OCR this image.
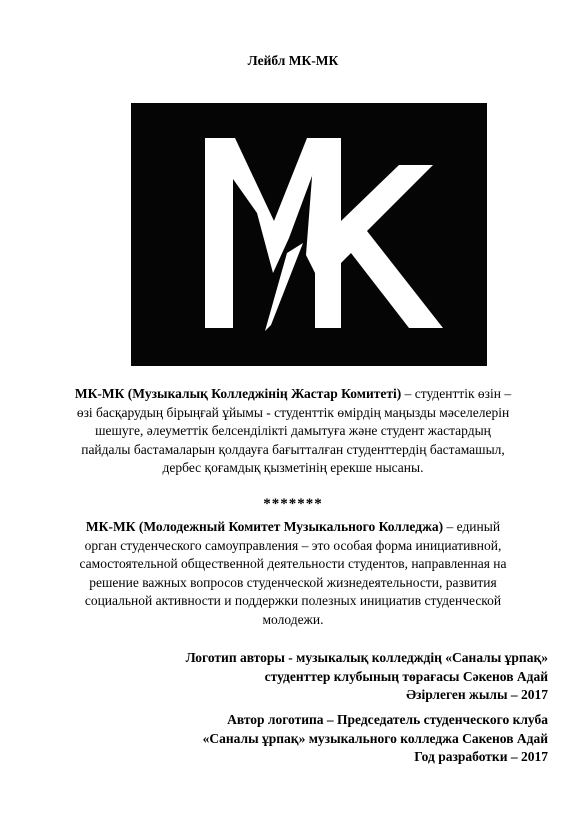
Лейбл МК-МК
МК-МК (Музыкалық Колледжінің Жастар Комитеті) – студенттік өзін – өзі басқарудың бірыңғай ұйымы - студенттік өмірдің маңызды мәселелерін шешуге, әлеуметтік белсенділікті дамытуға және студент жастардың пайдалы бастамаларын қолдауға бағытталған студенттердің бастамашыл, дербес қоғамдық қызметінің ерекше нысаны.
*******
МК-МК (Молодежный Комитет Музыкального Колледжа) – единый орган студенческого самоуправления – это особая форма инициативной, самостоятельной общественной деятельности студентов, направленная на решение важных вопросов студенческой жизнедеятельности, развития социальной активности и поддержки полезных инициатив студенческой молодежи.
Логотип авторы - музыкалық колледждің «Саналы ұрпақ»
студенттер клубының төрағасы Сәкенов Адай
Әзірлеген жылы – 2017
Автор логотипа – Председатель студенческого клуба
«Саналы ұрпақ» музыкального колледжа Сакенов Адай
Год разработки – 2017
